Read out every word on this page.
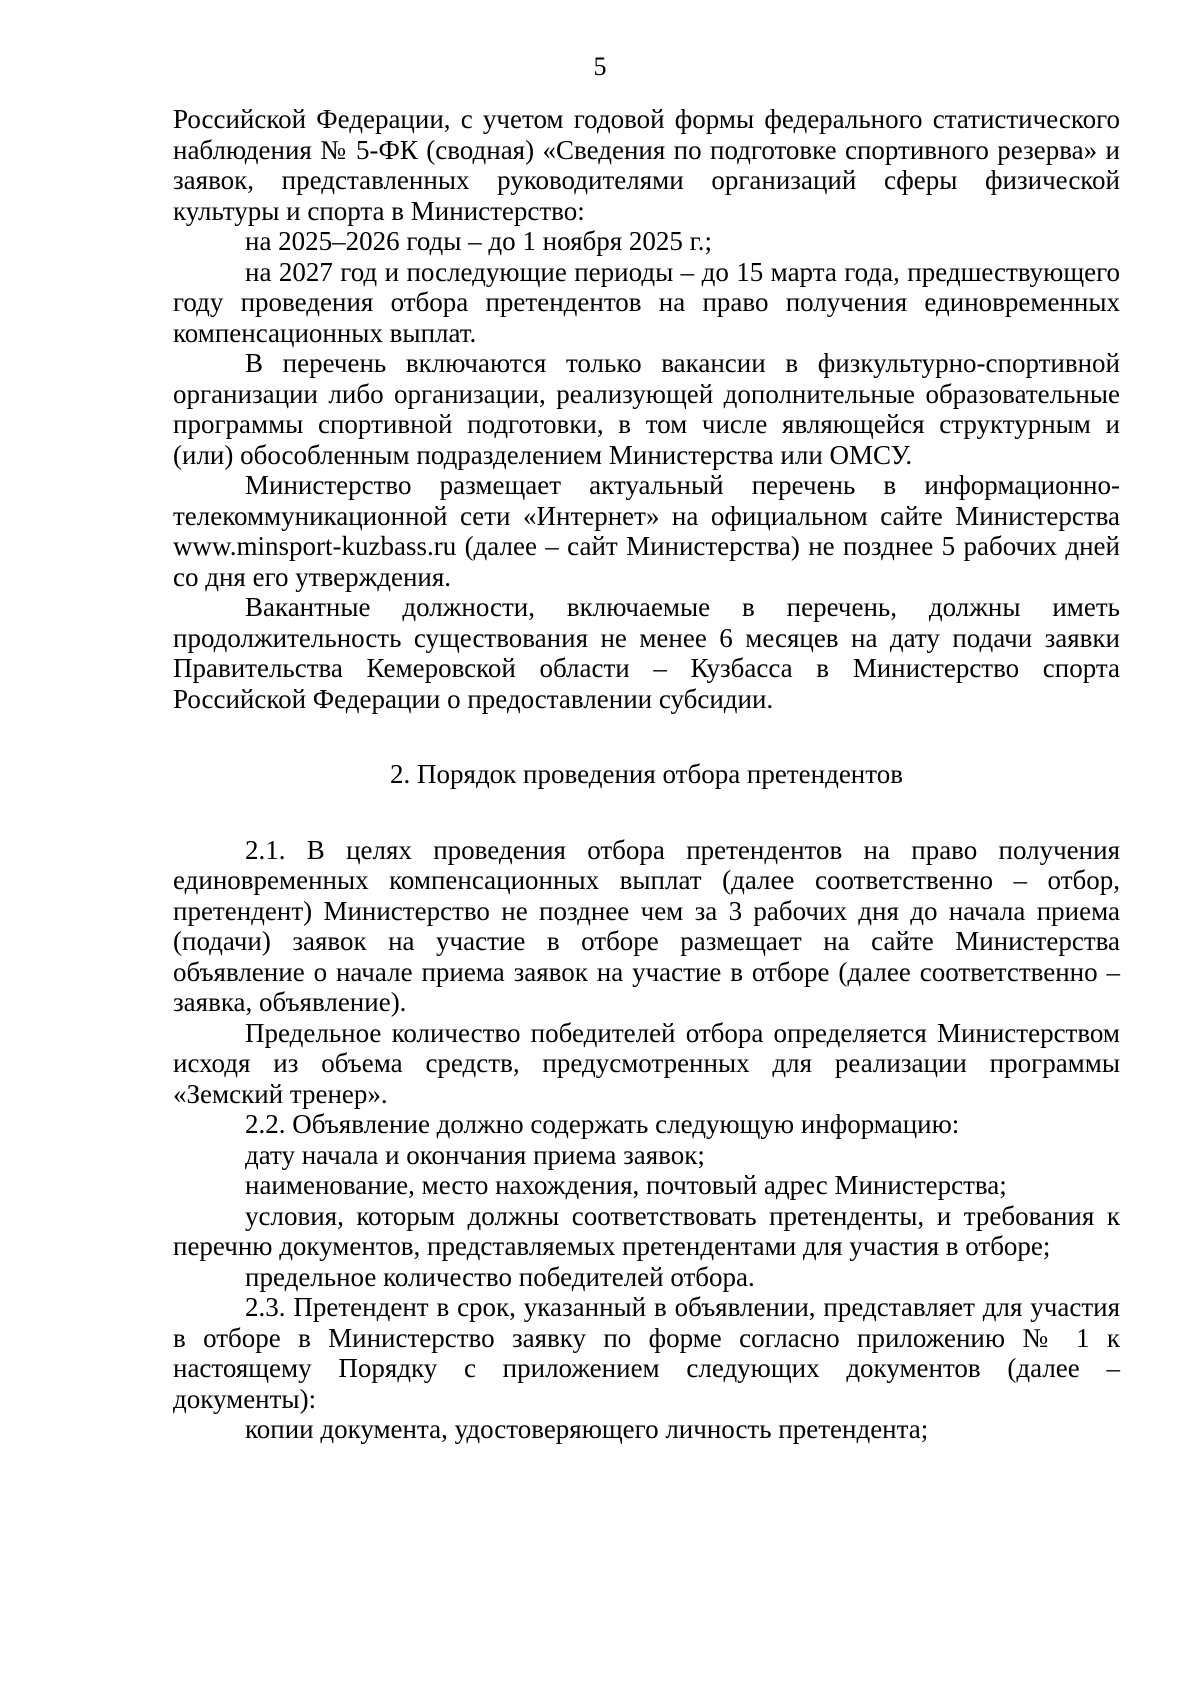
5

Российской Федерации, с учетом годовой формы федерального статистического наблюдения № 5-ФК (сводная) «Сведения по подготовке спортивного резерва» и заявок, представленных руководителями организаций сферы физической культуры и спорта в Министерство:

на 2025–2026 годы – до 1 ноября 2025 г.;

на 2027 год и последующие периоды – до 15 марта года, предшествующего году проведения отбора претендентов на право получения единовременных компенсационных выплат.

В перечень включаются только вакансии в физкультурно-спортивной организации либо организации, реализующей дополнительные образовательные программы спортивной подготовки, в том числе являющейся структурным и (или) обособленным подразделением Министерства или ОМСУ.

Министерство размещает актуальный перечень в информационно-телекоммуникационной сети «Интернет» на официальном сайте Министерства www.minsport-kuzbass.ru (далее – сайт Министерства) не позднее 5 рабочих дней со дня его утверждения.

Вакантные должности, включаемые в перечень, должны иметь продолжительность существования не менее 6 месяцев на дату подачи заявки Правительства Кемеровской области – Кузбасса в Министерство спорта Российской Федерации о предоставлении субсидии.

2. Порядок проведения отбора претендентов

2.1. В целях проведения отбора претендентов на право получения единовременных компенсационных выплат (далее соответственно – отбор, претендент) Министерство не позднее чем за 3 рабочих дня до начала приема (подачи) заявок на участие в отборе размещает на сайте Министерства объявление о начале приема заявок на участие в отборе (далее соответственно – заявка, объявление).

Предельное количество победителей отбора определяется Министерством исходя из объема средств, предусмотренных для реализации программы «Земский тренер».

2.2. Объявление должно содержать следующую информацию:

дату начала и окончания приема заявок;

наименование, место нахождения, почтовый адрес Министерства;

условия, которым должны соответствовать претенденты, и требования к перечню документов, представляемых претендентами для участия в отборе;

предельное количество победителей отбора.

2.3. Претендент в срок, указанный в объявлении, представляет для участия в отборе в Министерство заявку по форме согласно приложению № 1 к настоящему Порядку с приложением следующих документов (далее – документы):

копии документа, удостоверяющего личность претендента;
